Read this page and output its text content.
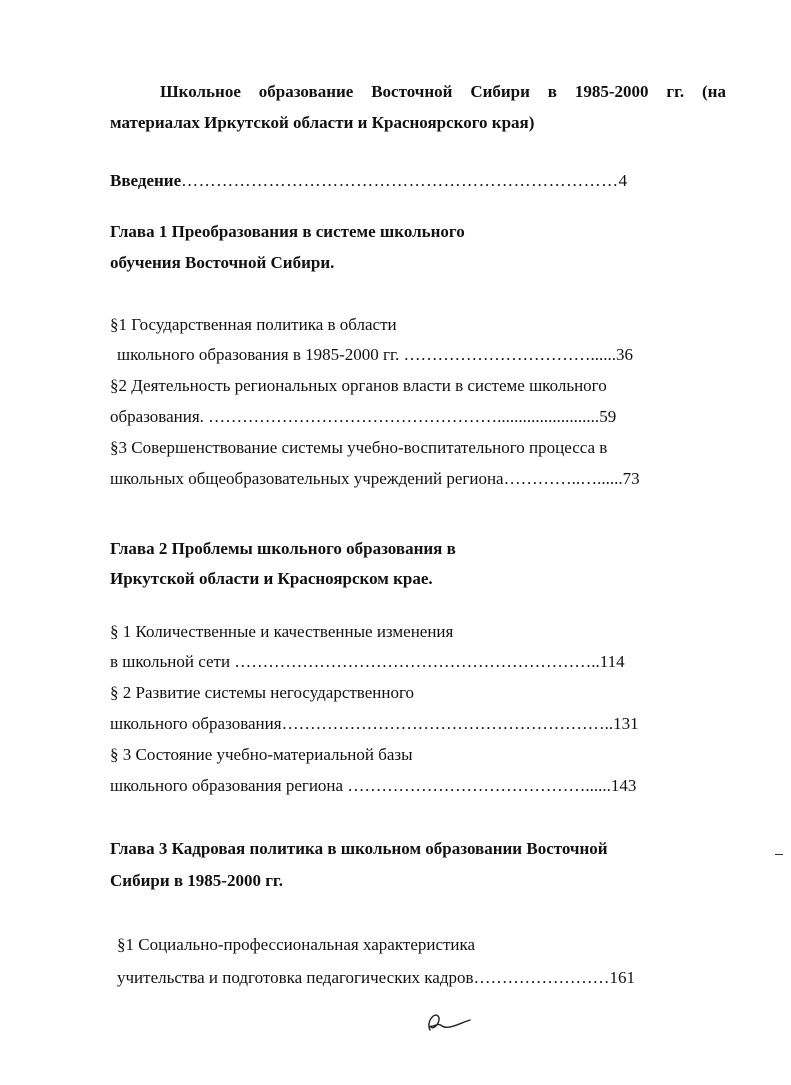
Школьное образование Восточной Сибири в 1985-2000 гг. (на
материалах Иркутской области и Красноярского края)
Введение…………………………………………………………………4
Глава 1 Преобразования в системе школьного
обучения Восточной Сибири.
§1 Государственная политика в области
школьного образования в 1985-2000 гг. ……………………………......36
§2 Деятельность региональных органов власти в системе школьного
образования. ……………………………………………........................59
§3 Совершенствование системы учебно-воспитательного процесса в
школьных общеобразовательных учреждений региона…………..…......73
Глава 2 Проблемы школьного образования в
Иркутской области и Красноярском крае.
§ 1 Количественные и качественные изменения
в школьной сети ………………………………………………………..114
§ 2 Развитие системы негосударственного
школьного образования…………………………………………………..131
§ 3 Состояние учебно-материальной базы
школьного образования региона ……………………………………......143
Глава 3 Кадровая политика в школьном образовании Восточной
Сибири в 1985-2000 гг.
§1 Социально-профессиональная характеристика
учительства и подготовка педагогических кадров……………………161
